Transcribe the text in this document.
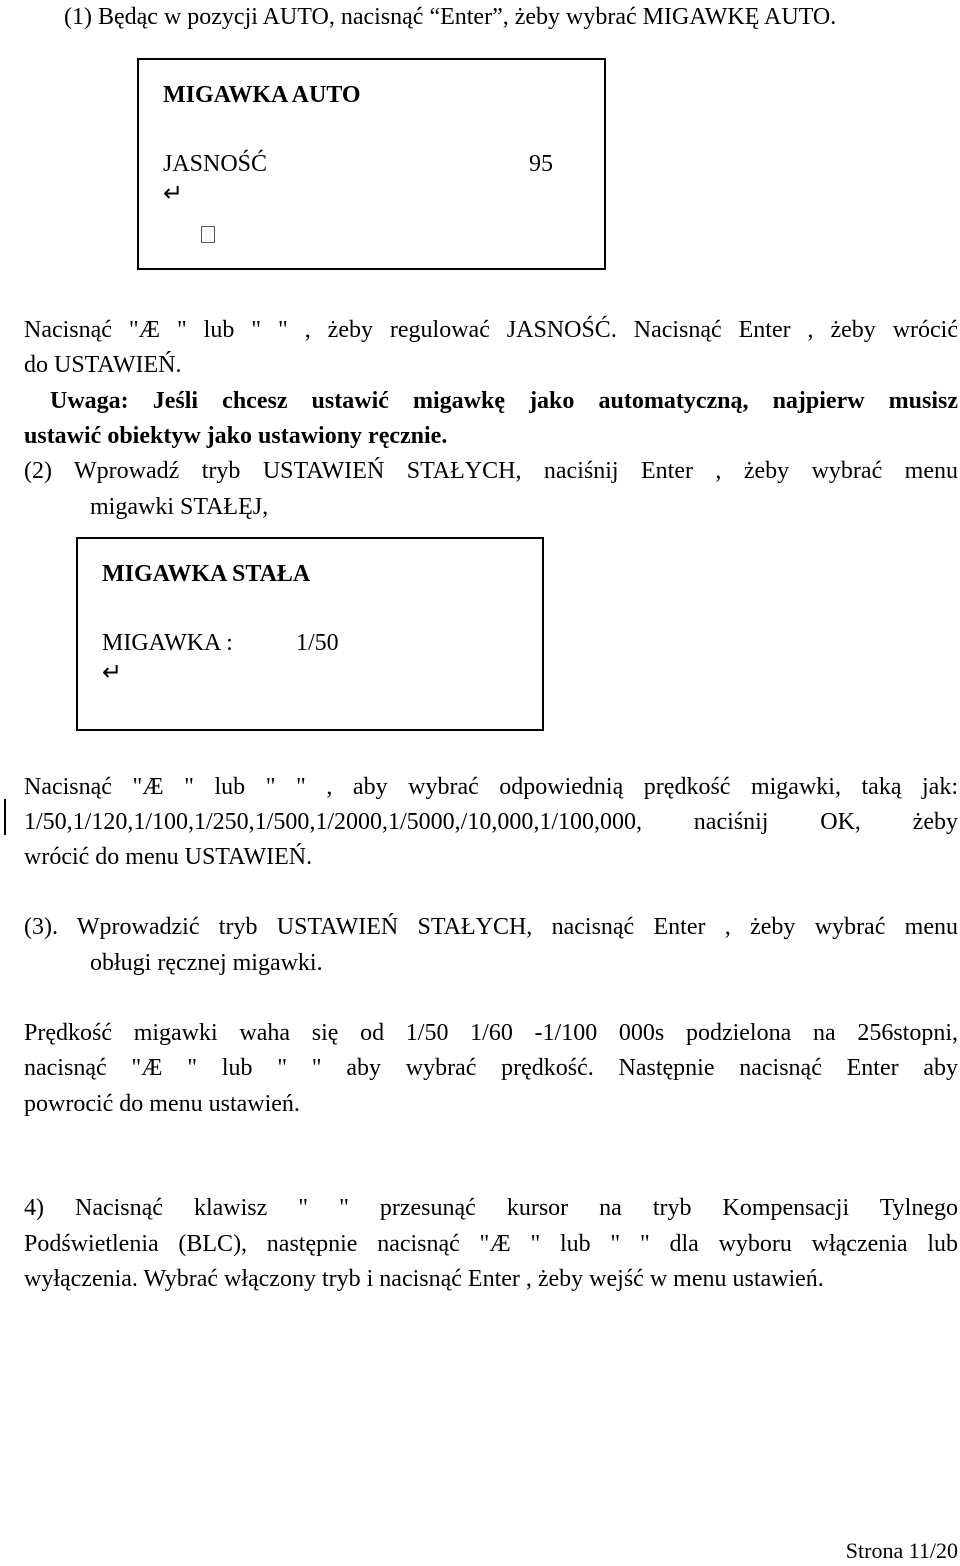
(1) Będąc w pozycji AUTO, nacisnąć “Enter”, żeby wybrać MIGAWKĘ AUTO.
MIGAWKA AUTO
JASNOŚĆ	95
↵
Nacisnąć "Æ " lub " " , żeby regulować JASNOŚĆ. Nacisnąć Enter , żeby wrócić
do USTAWIEŃ.
Uwaga: Jeśli chcesz ustawić migawkę jako automatyczną, najpierw musisz
ustawić obiektyw jako ustawiony ręcznie.
(2) Wprowadź tryb USTAWIEŃ STAŁYCH, naciśnij Enter , żeby wybrać menu
migawki STAŁĘJ,
MIGAWKA STAŁA
MIGAWKA :	1/50
↵
Nacisnąć "Æ " lub " " , aby wybrać odpowiednią prędkość migawki, taką jak:
1/50,1/120,1/100,1/250,1/500,1/2000,1/5000,/10,000,1/100,000, naciśnij OK, żeby
wrócić do menu USTAWIEŃ.
(3). Wprowadzić tryb USTAWIEŃ STAŁYCH, nacisnąć Enter , żeby wybrać menu
obługi ręcznej migawki.
Prędkość migawki waha się od 1/50 1/60 -1/100 000s podzielona na 256stopni,
nacisnąć "Æ " lub " " aby wybrać prędkość. Następnie nacisnąć Enter aby
powrocić do menu ustawień.
4) Nacisnąć klawisz " " przesunąć kursor na tryb Kompensacji Tylnego
Podświetlenia (BLC), następnie nacisnąć "Æ " lub " " dla wyboru włączenia lub
wyłączenia. Wybrać włączony tryb i nacisnąć Enter , żeby wejść w menu ustawień.
Strona 11/20
